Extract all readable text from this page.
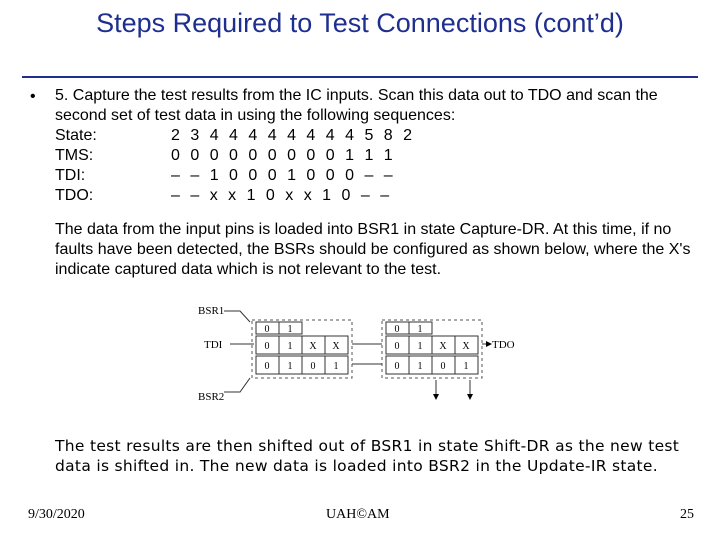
Steps Required to Test Connections (cont’d)
• 5. Capture the test results from the IC inputs. Scan this data out to TDO and scan the second set of test data in using the following sequences:
State:	2 3 4 4 4 4 4 4 4 4 5 8 2
TMS:	0 0 0 0 0 0 0 0 0 1 1 1
TDI:	– – 1 0 0 0 1 0 0 0 – –
TDO:	– – x x 1 0 x x 1 0 – –
The data from the input pins is loaded into BSR1 in state Capture-DR. At this time, if no faults have been detected, the BSRs should be configured as shown below, where the X's indicate captured data which is not relevant to the test.
BSR1
TDI	TDO
BSR2
0 1
0 1 X X
0 1 0 1
0 1
0 1 X X
0 1 0 1
The test results are then shifted out of BSR1 in state Shift-DR as the new test data is shifted in. The new data is loaded into BSR2 in the Update-IR state.
9/30/2020	UAH©AM	25
